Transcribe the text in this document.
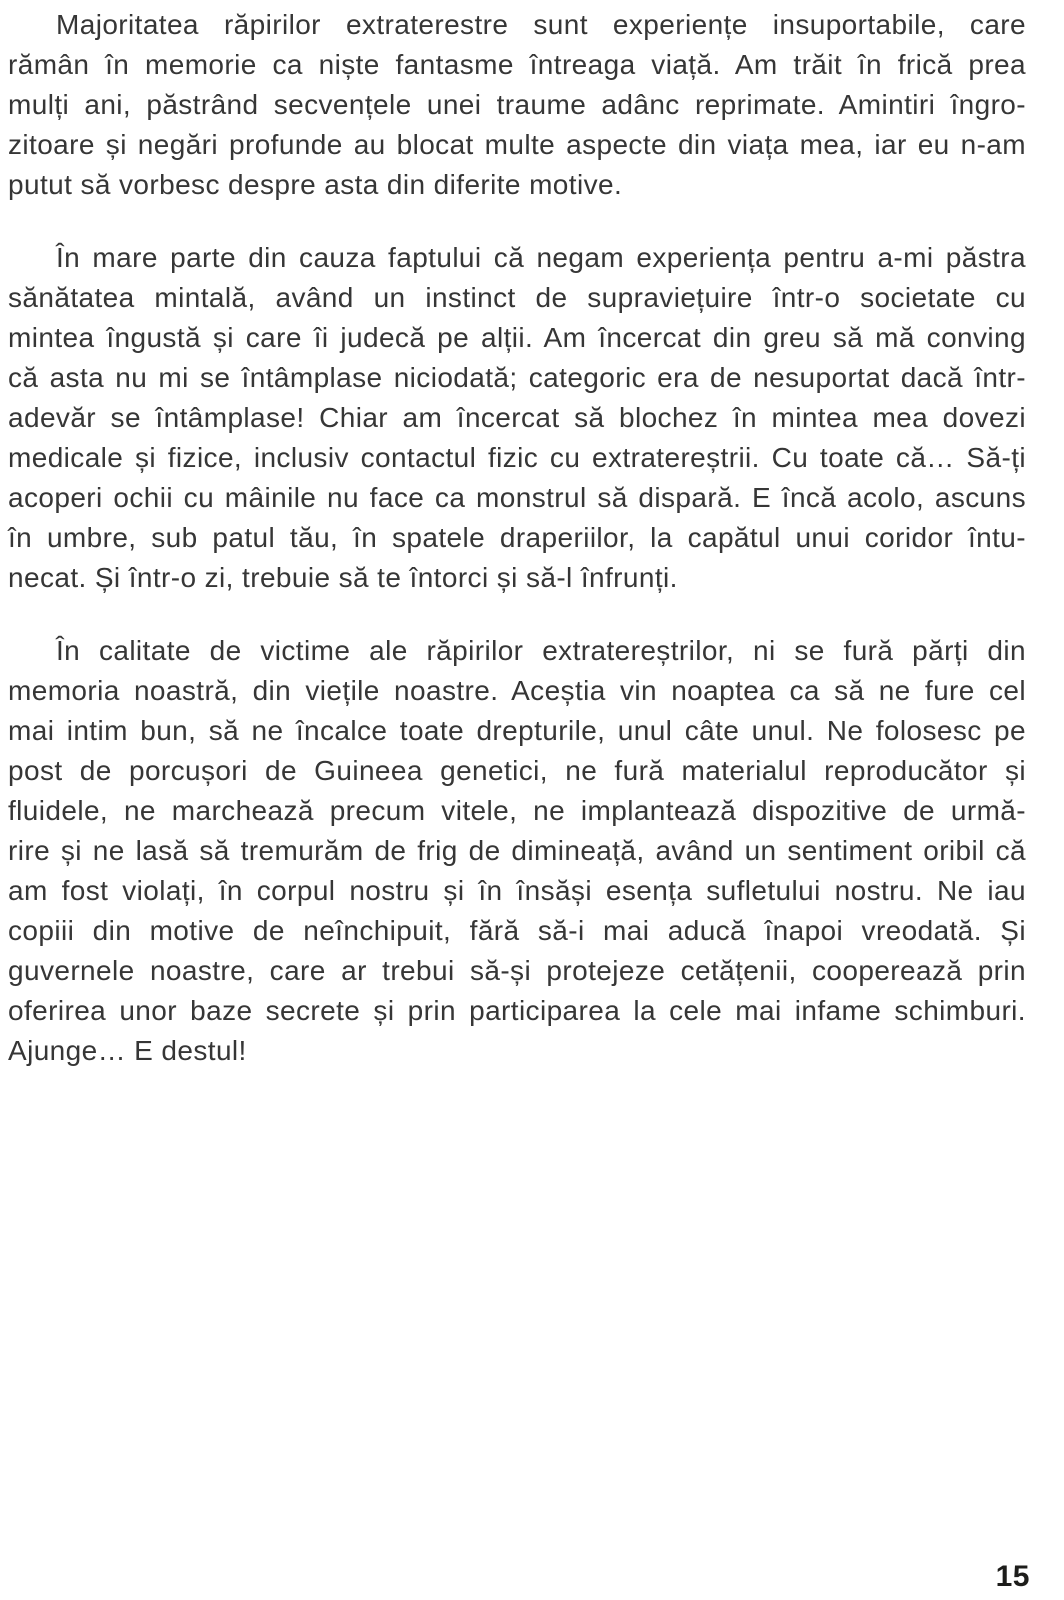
Majoritatea răpirilor extraterestre sunt experiențe insuportabile, care
rămân în memorie ca niște fantasme întreaga viață. Am trăit în frică prea
mulți ani, păstrând secvențele unei traume adânc reprimate. Amintiri îngro-
zitoare și negări profunde au blocat multe aspecte din viața mea, iar eu n-am
putut să vorbesc despre asta din diferite motive.

În mare parte din cauza faptului că negam experiența pentru a-mi păstra
sănătatea mintală, având un instinct de supraviețuire într-o societate cu
mintea îngustă și care îi judecă pe alții. Am încercat din greu să mă conving
că asta nu mi se întâmplase niciodată; categoric era de nesuportat dacă într-
adevăr se întâmplase! Chiar am încercat să blochez în mintea mea dovezi
medicale și fizice, inclusiv contactul fizic cu extratereștrii. Cu toate că… Să-ți
acoperi ochii cu mâinile nu face ca monstrul să dispară. E încă acolo, ascuns
în umbre, sub patul tău, în spatele draperiilor, la capătul unui coridor întu-
necat. Și într-o zi, trebuie să te întorci și să-l înfrunți.

În calitate de victime ale răpirilor extratereștrilor, ni se fură părți din
memoria noastră, din viețile noastre. Aceștia vin noaptea ca să ne fure cel
mai intim bun, să ne încalce toate drepturile, unul câte unul. Ne folosesc pe
post de porcușori de Guineea genetici, ne fură materialul reproducător și
fluidele, ne marchează precum vitele, ne implantează dispozitive de urmă-
rire și ne lasă să tremurăm de frig de dimineață, având un sentiment oribil că
am fost violați, în corpul nostru și în însăși esența sufletului nostru. Ne iau
copiii din motive de neînchipuit, fără să-i mai aducă înapoi vreodată. Și
guvernele noastre, care ar trebui să-și protejeze cetățenii, cooperează prin
oferirea unor baze secrete și prin participarea la cele mai infame schimburi.
Ajunge… E destul!

15
